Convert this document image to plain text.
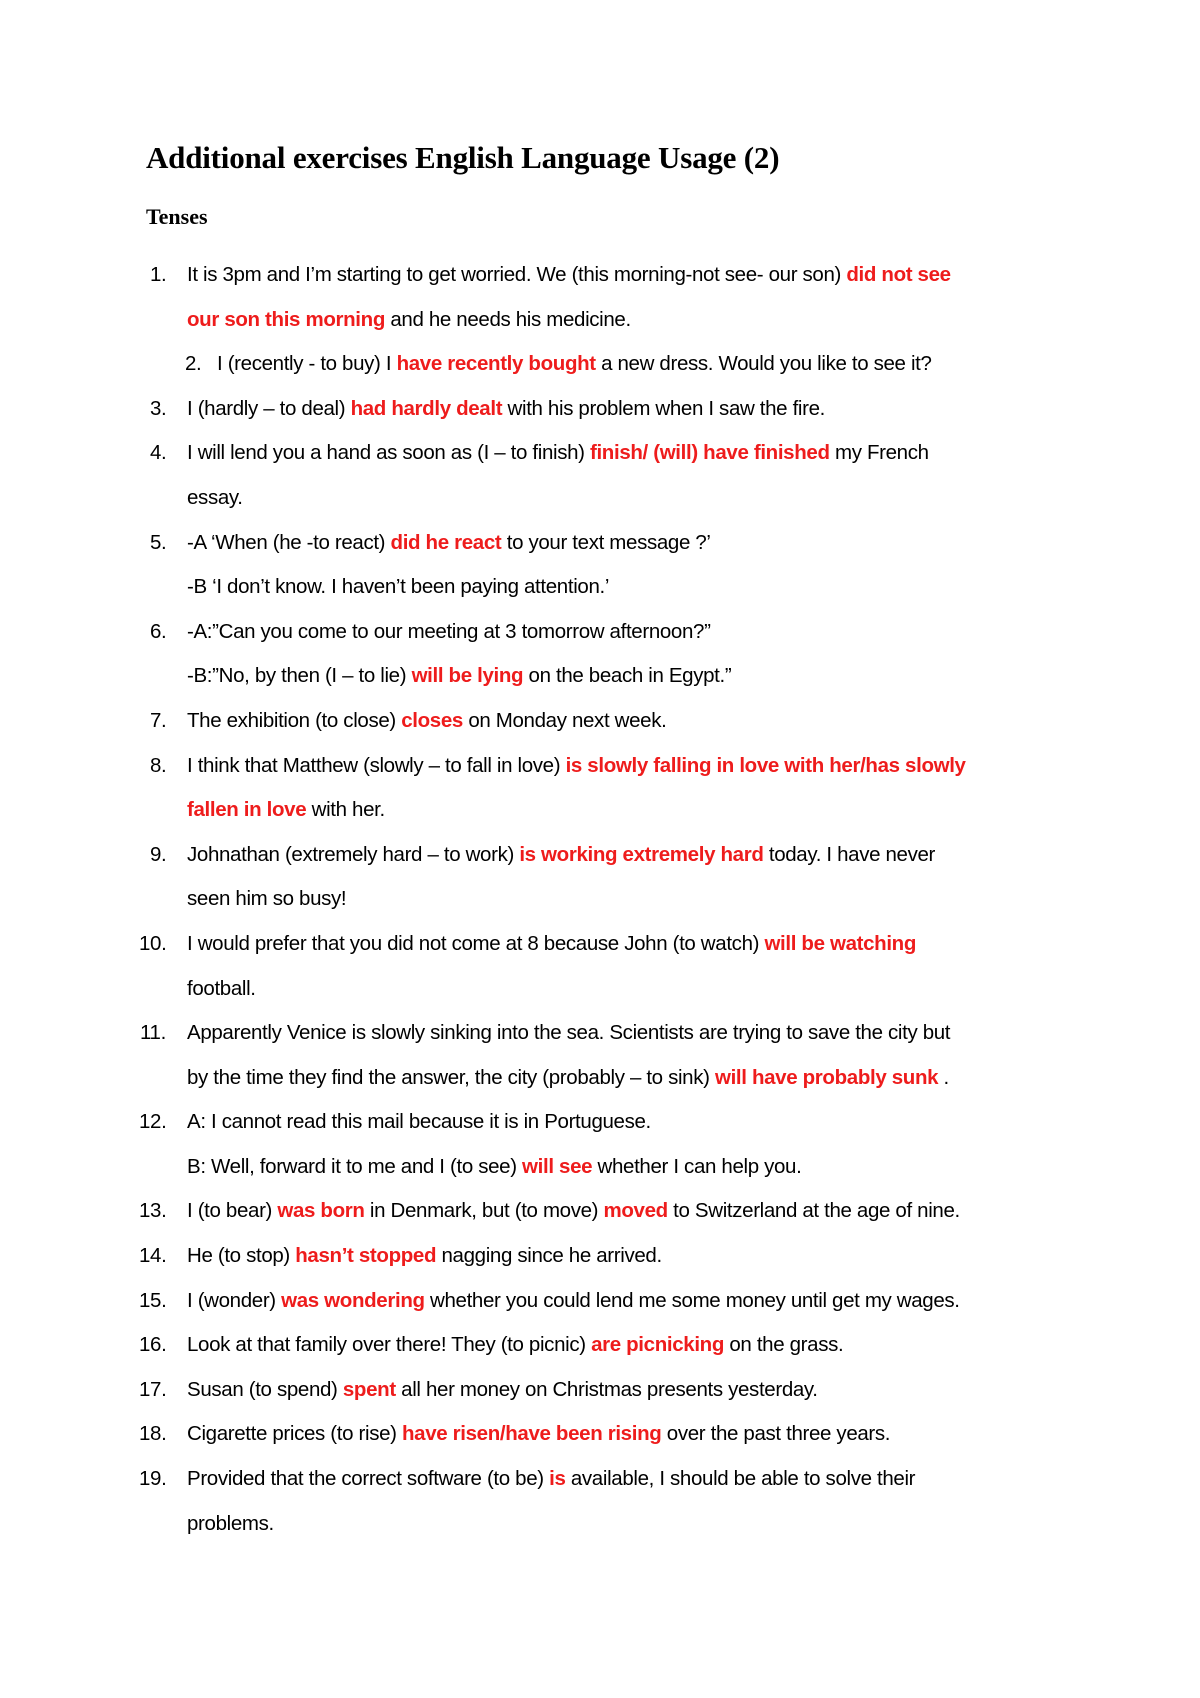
Additional exercises English Language Usage (2)
Tenses
1. It is 3pm and I’m starting to get worried. We (this morning-not see- our son) did not see
our son this morning and he needs his medicine.
2. I (recently - to buy) I have recently bought a new dress. Would you like to see it?
3. I (hardly – to deal) had hardly dealt with his problem when I saw the fire.
4. I will lend you a hand as soon as (I – to finish) finish/ (will) have finished my French
essay.
5. -A ‘When (he -to react) did he react to your text message ?’
-B ‘I don’t know. I haven’t been paying attention.’
6. -A:”Can you come to our meeting at 3 tomorrow afternoon?”
-B:”No, by then (I – to lie) will be lying on the beach in Egypt.”
7. The exhibition (to close) closes on Monday next week.
8. I think that Matthew (slowly – to fall in love) is slowly falling in love with her/has slowly
fallen in love with her.
9. Johnathan (extremely hard – to work) is working extremely hard today. I have never
seen him so busy!
10. I would prefer that you did not come at 8 because John (to watch) will be watching
football.
11. Apparently Venice is slowly sinking into the sea. Scientists are trying to save the city but
by the time they find the answer, the city (probably – to sink) will have probably sunk .
12. A: I cannot read this mail because it is in Portuguese.
B: Well, forward it to me and I (to see) will see whether I can help you.
13. I (to bear) was born in Denmark, but (to move) moved to Switzerland at the age of nine.
14. He (to stop) hasn’t stopped nagging since he arrived.
15. I (wonder) was wondering whether you could lend me some money until get my wages.
16. Look at that family over there! They (to picnic) are picnicking on the grass.
17. Susan (to spend) spent all her money on Christmas presents yesterday.
18. Cigarette prices (to rise) have risen/have been rising over the past three years.
19. Provided that the correct software (to be) is available, I should be able to solve their
problems.
